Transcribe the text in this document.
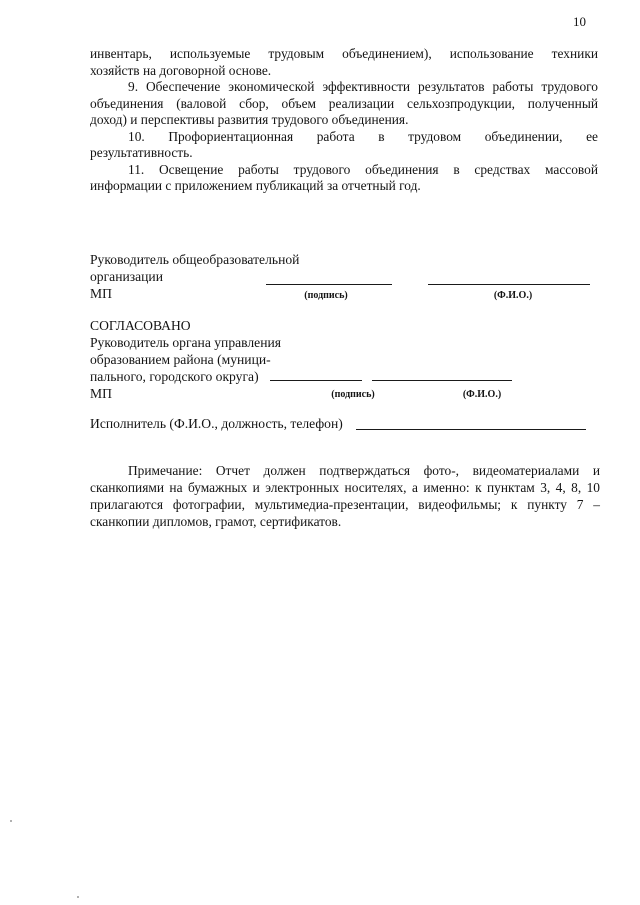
10
инвентарь, используемые трудовым объединением), использование техники
хозяйств на договорной основе.
9. Обеспечение экономической эффективности результатов работы трудового
объединения (валовой сбор, объем реализации сельхозпродукции, полученный
доход) и перспективы развития трудового объединения.
10. Профориентационная работа в трудовом объединении, ее
результативность.
11. Освещение работы трудового объединения в средствах массовой
информации с приложением публикаций за отчетный год.
Руководитель общеобразовательной
организации
МП	(подпись)	(Ф.И.О.)
СОГЛАСОВАНО
Руководитель органа управления
образованием района (муници-
пального, городского округа)
МП	(подпись)	(Ф.И.О.)
Исполнитель (Ф.И.О., должность, телефон)
Примечание: Отчет должен подтверждаться фото-, видеоматериалами и
сканкопиями на бумажных и электронных носителях, а именно: к пунктам 3, 4, 8, 10
прилагаются фотографии, мультимедиа-презентации, видеофильмы; к пункту 7 –
сканкопии дипломов, грамот, сертификатов.
